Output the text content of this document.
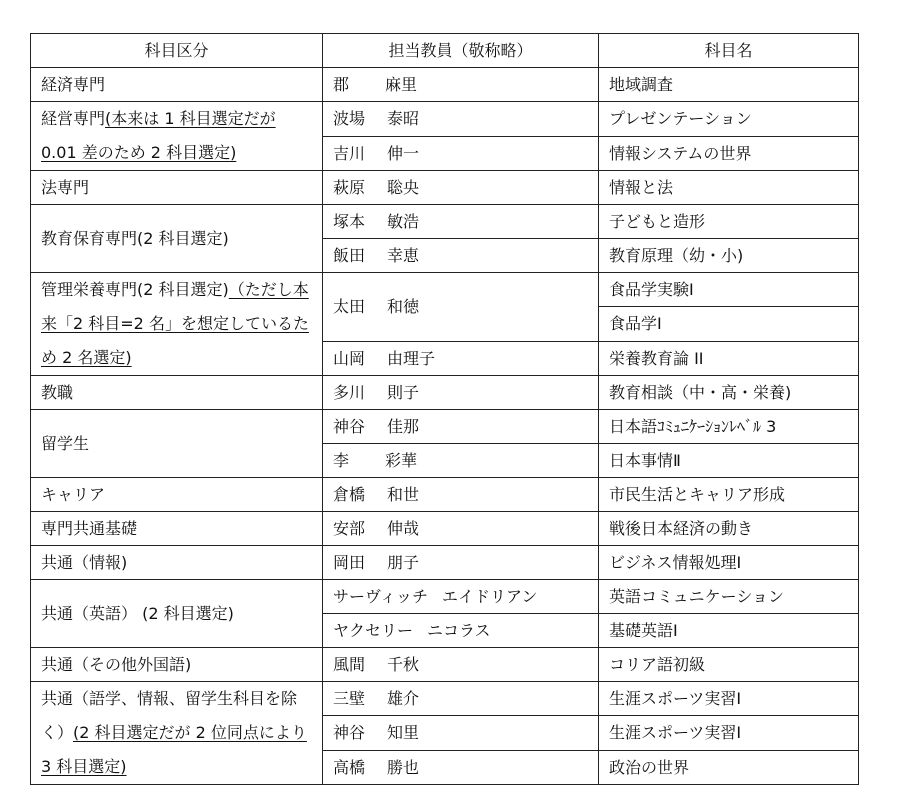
科目区分	担当教員（敬称略）	科目名
経済専門	郡 麻里	地域調査
経営専門(本来は 1 科目選定だが 0.01 差のため 2 科目選定)	波場 泰昭	プレゼンテーション
	吉川 伸一	情報システムの世界
法専門	萩原 聡央	情報と法
教育保育専門(2 科目選定)	塚本 敏浩	子どもと造形
	飯田 幸恵	教育原理（幼・小)
管理栄養専門(2 科目選定)（ただし本来「2 科目=2 名」を想定しているため 2 名選定)	太田 和徳	食品学実験Ⅰ
		食品学Ⅰ
	山岡 由理子	栄養教育論 II
教職	多川 則子	教育相談（中・高・栄養)
留学生	神谷 佳那	日本語ｺﾐｭﾆｹｰｼｮﾝﾚﾍﾞﾙ 3
	李 彩華	日本事情Ⅱ
キャリア	倉橋 和世	市民生活とキャリア形成
専門共通基礎	安部 伸哉	戦後日本経済の動き
共通（情報)	岡田 朋子	ビジネス情報処理Ⅰ
共通（英語） (2 科目選定)	サーヴィッチ エイドリアン	英語コミュニケーション
	ヤクセリー ニコラス	基礎英語Ⅰ
共通（その他外国語)	風間 千秋	コリア語初級
共通（語学、情報、留学生科目を除く）(2 科目選定だが 2 位同点により 3 科目選定)	三壁 雄介	生涯スポーツ実習Ⅰ
	神谷 知里	生涯スポーツ実習Ⅰ
	高橋 勝也	政治の世界
